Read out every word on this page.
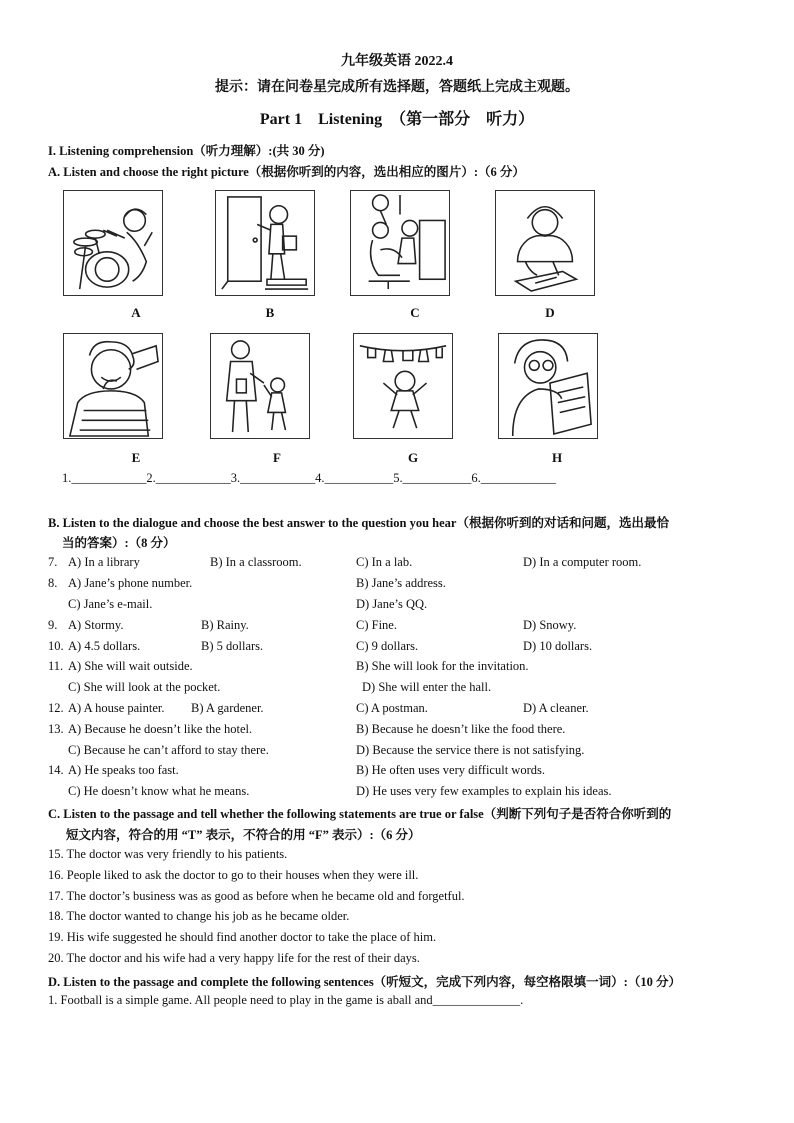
九年级英语 2022.4
提示：请在问卷星完成所有选择题，答题纸上完成主观题。
Part 1　Listening　（第一部分　听力）
I. Listening comprehension（听力理解）:(共 30 分)
A. Listen and choose the right picture（根据你听到的内容，选出相应的图片）:（6 分）
A	B	C	D
E	F	G	H
1.____________2.____________3.____________4.___________5.___________6.____________
B. Listen to the dialogue and choose the best answer to the question you hear（根据你听到的对话和问题，选出最恰
当的答案）:（8 分）
7. A) In a library	B) In a classroom.	C) In a lab.	D) In a computer room.
8. A) Jane’s phone number.	B) Jane’s address.
C) Jane’s e-mail.	D) Jane’s QQ.
9. A) Stormy.	B) Rainy.	C) Fine.	D) Snowy.
10. A) 4.5 dollars.	B) 5 dollars.	C) 9 dollars.	D) 10 dollars.
11. A) She will wait outside.	B) She will look for the invitation.
C) She will look at the pocket.	D) She will enter the hall.
12. A) A house painter. B) A gardener.	C) A postman.	D) A cleaner.
13. A) Because he doesn’t like the hotel.	B) Because he doesn’t like the food there.
C) Because he can’t afford to stay there.	D) Because the service there is not satisfying.
14. A) He speaks too fast.	B) He often uses very difficult words.
C) He doesn’t know what he means.	D) He uses very few examples to explain his ideas.
C. Listen to the passage and tell whether the following statements are true or false（判断下列句子是否符合你听到的
短文内容，符合的用 “T” 表示，不符合的用 “F” 表示）:（6 分）
15. The doctor was very friendly to his patients.
16. People liked to ask the doctor to go to their houses when they were ill.
17. The doctor’s business was as good as before when he became old and forgetful.
18. The doctor wanted to change his job as he became older.
19. His wife suggested he should find another doctor to take the place of him.
20. The doctor and his wife had a very happy life for the rest of their days.
D. Listen to the passage and complete the following sentences（听短文，完成下列内容，每空格限填一词）:（10 分）
1. Football is a simple game. All people need to play in the game is aball and______________.
